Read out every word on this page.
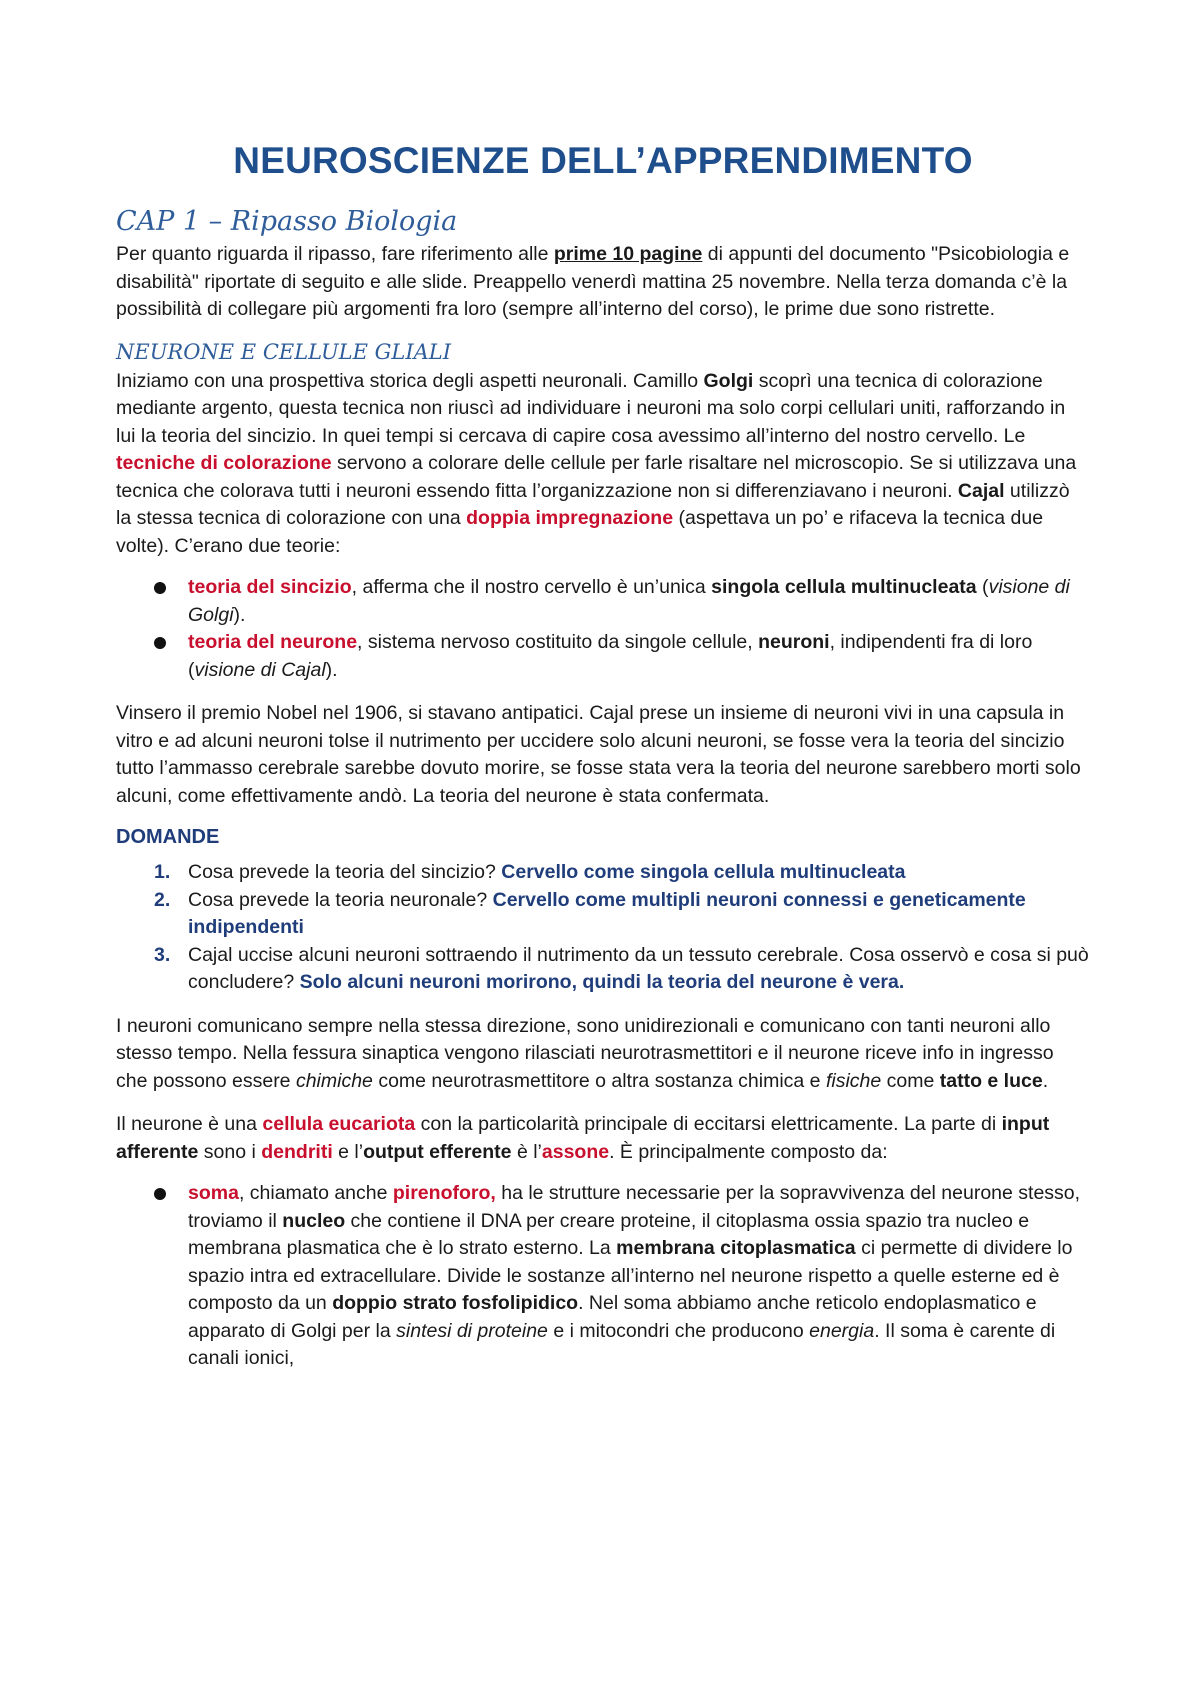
NEUROSCIENZE DELL’APPRENDIMENTO
CAP 1 – Ripasso Biologia

Per quanto riguarda il ripasso, fare riferimento alle prime 10 pagine di appunti del documento "Psicobiologia e disabilità" riportate di seguito e alle slide. Preappello venerdì mattina 25 novembre. Nella terza domanda c’è la possibilità di collegare più argomenti fra loro (sempre all’interno del corso), le prime due sono ristrette.

NEURONE E CELLULE GLIALI

Iniziamo con una prospettiva storica degli aspetti neuronali. Camillo Golgi scoprì una tecnica di colorazione mediante argento, questa tecnica non riuscì ad individuare i neuroni ma solo corpi cellulari uniti, rafforzando in lui la teoria del sincizio. In quei tempi si cercava di capire cosa avessimo all’interno del nostro cervello. Le tecniche di colorazione servono a colorare delle cellule per farle risaltare nel microscopio. Se si utilizzava una tecnica che colorava tutti i neuroni essendo fitta l’organizzazione non si differenziavano i neuroni. Cajal utilizzò la stessa tecnica di colorazione con una doppia impregnazione (aspettava un po’ e rifaceva la tecnica due volte). C’erano due teorie:

teoria del sincizio, afferma che il nostro cervello è un’unica singola cellula multinucleata (visione di Golgi).
teoria del neurone, sistema nervoso costituito da singole cellule, neuroni, indipendenti fra di loro (visione di Cajal).

Vinsero il premio Nobel nel 1906, si stavano antipatici. Cajal prese un insieme di neuroni vivi in una capsula in vitro e ad alcuni neuroni tolse il nutrimento per uccidere solo alcuni neuroni, se fosse vera la teoria del sincizio tutto l’ammasso cerebrale sarebbe dovuto morire, se fosse stata vera la teoria del neurone sarebbero morti solo alcuni, come effettivamente andò. La teoria del neurone è stata confermata.

DOMANDE
1. Cosa prevede la teoria del sincizio? Cervello come singola cellula multinucleata
2. Cosa prevede la teoria neuronale? Cervello come multipli neuroni connessi e geneticamente indipendenti
3. Cajal uccise alcuni neuroni sottraendo il nutrimento da un tessuto cerebrale. Cosa osservò e cosa si può concludere? Solo alcuni neuroni morirono, quindi la teoria del neurone è vera.

I neuroni comunicano sempre nella stessa direzione, sono unidirezionali e comunicano con tanti neuroni allo stesso tempo. Nella fessura sinaptica vengono rilasciati neurotrasmettitori e il neurone riceve info in ingresso che possono essere chimiche come neurotrasmettitore o altra sostanza chimica e fisiche come tatto e luce.

Il neurone è una cellula eucariota con la particolarità principale di eccitarsi elettricamente. La parte di input afferente sono i dendriti e l’output efferente è l’assone. È principalmente composto da:

soma, chiamato anche pirenoforo, ha le strutture necessarie per la sopravvivenza del neurone stesso, troviamo il nucleo che contiene il DNA per creare proteine, il citoplasma ossia spazio tra nucleo e membrana plasmatica che è lo strato esterno. La membrana citoplasmatica ci permette di dividere lo spazio intra ed extracellulare. Divide le sostanze all’interno nel neurone rispetto a quelle esterne ed è composto da un doppio strato fosfolipidico. Nel soma abbiamo anche reticolo endoplasmatico e apparato di Golgi per la sintesi di proteine e i mitocondri che producono energia. Il soma è carente di canali ionici,
